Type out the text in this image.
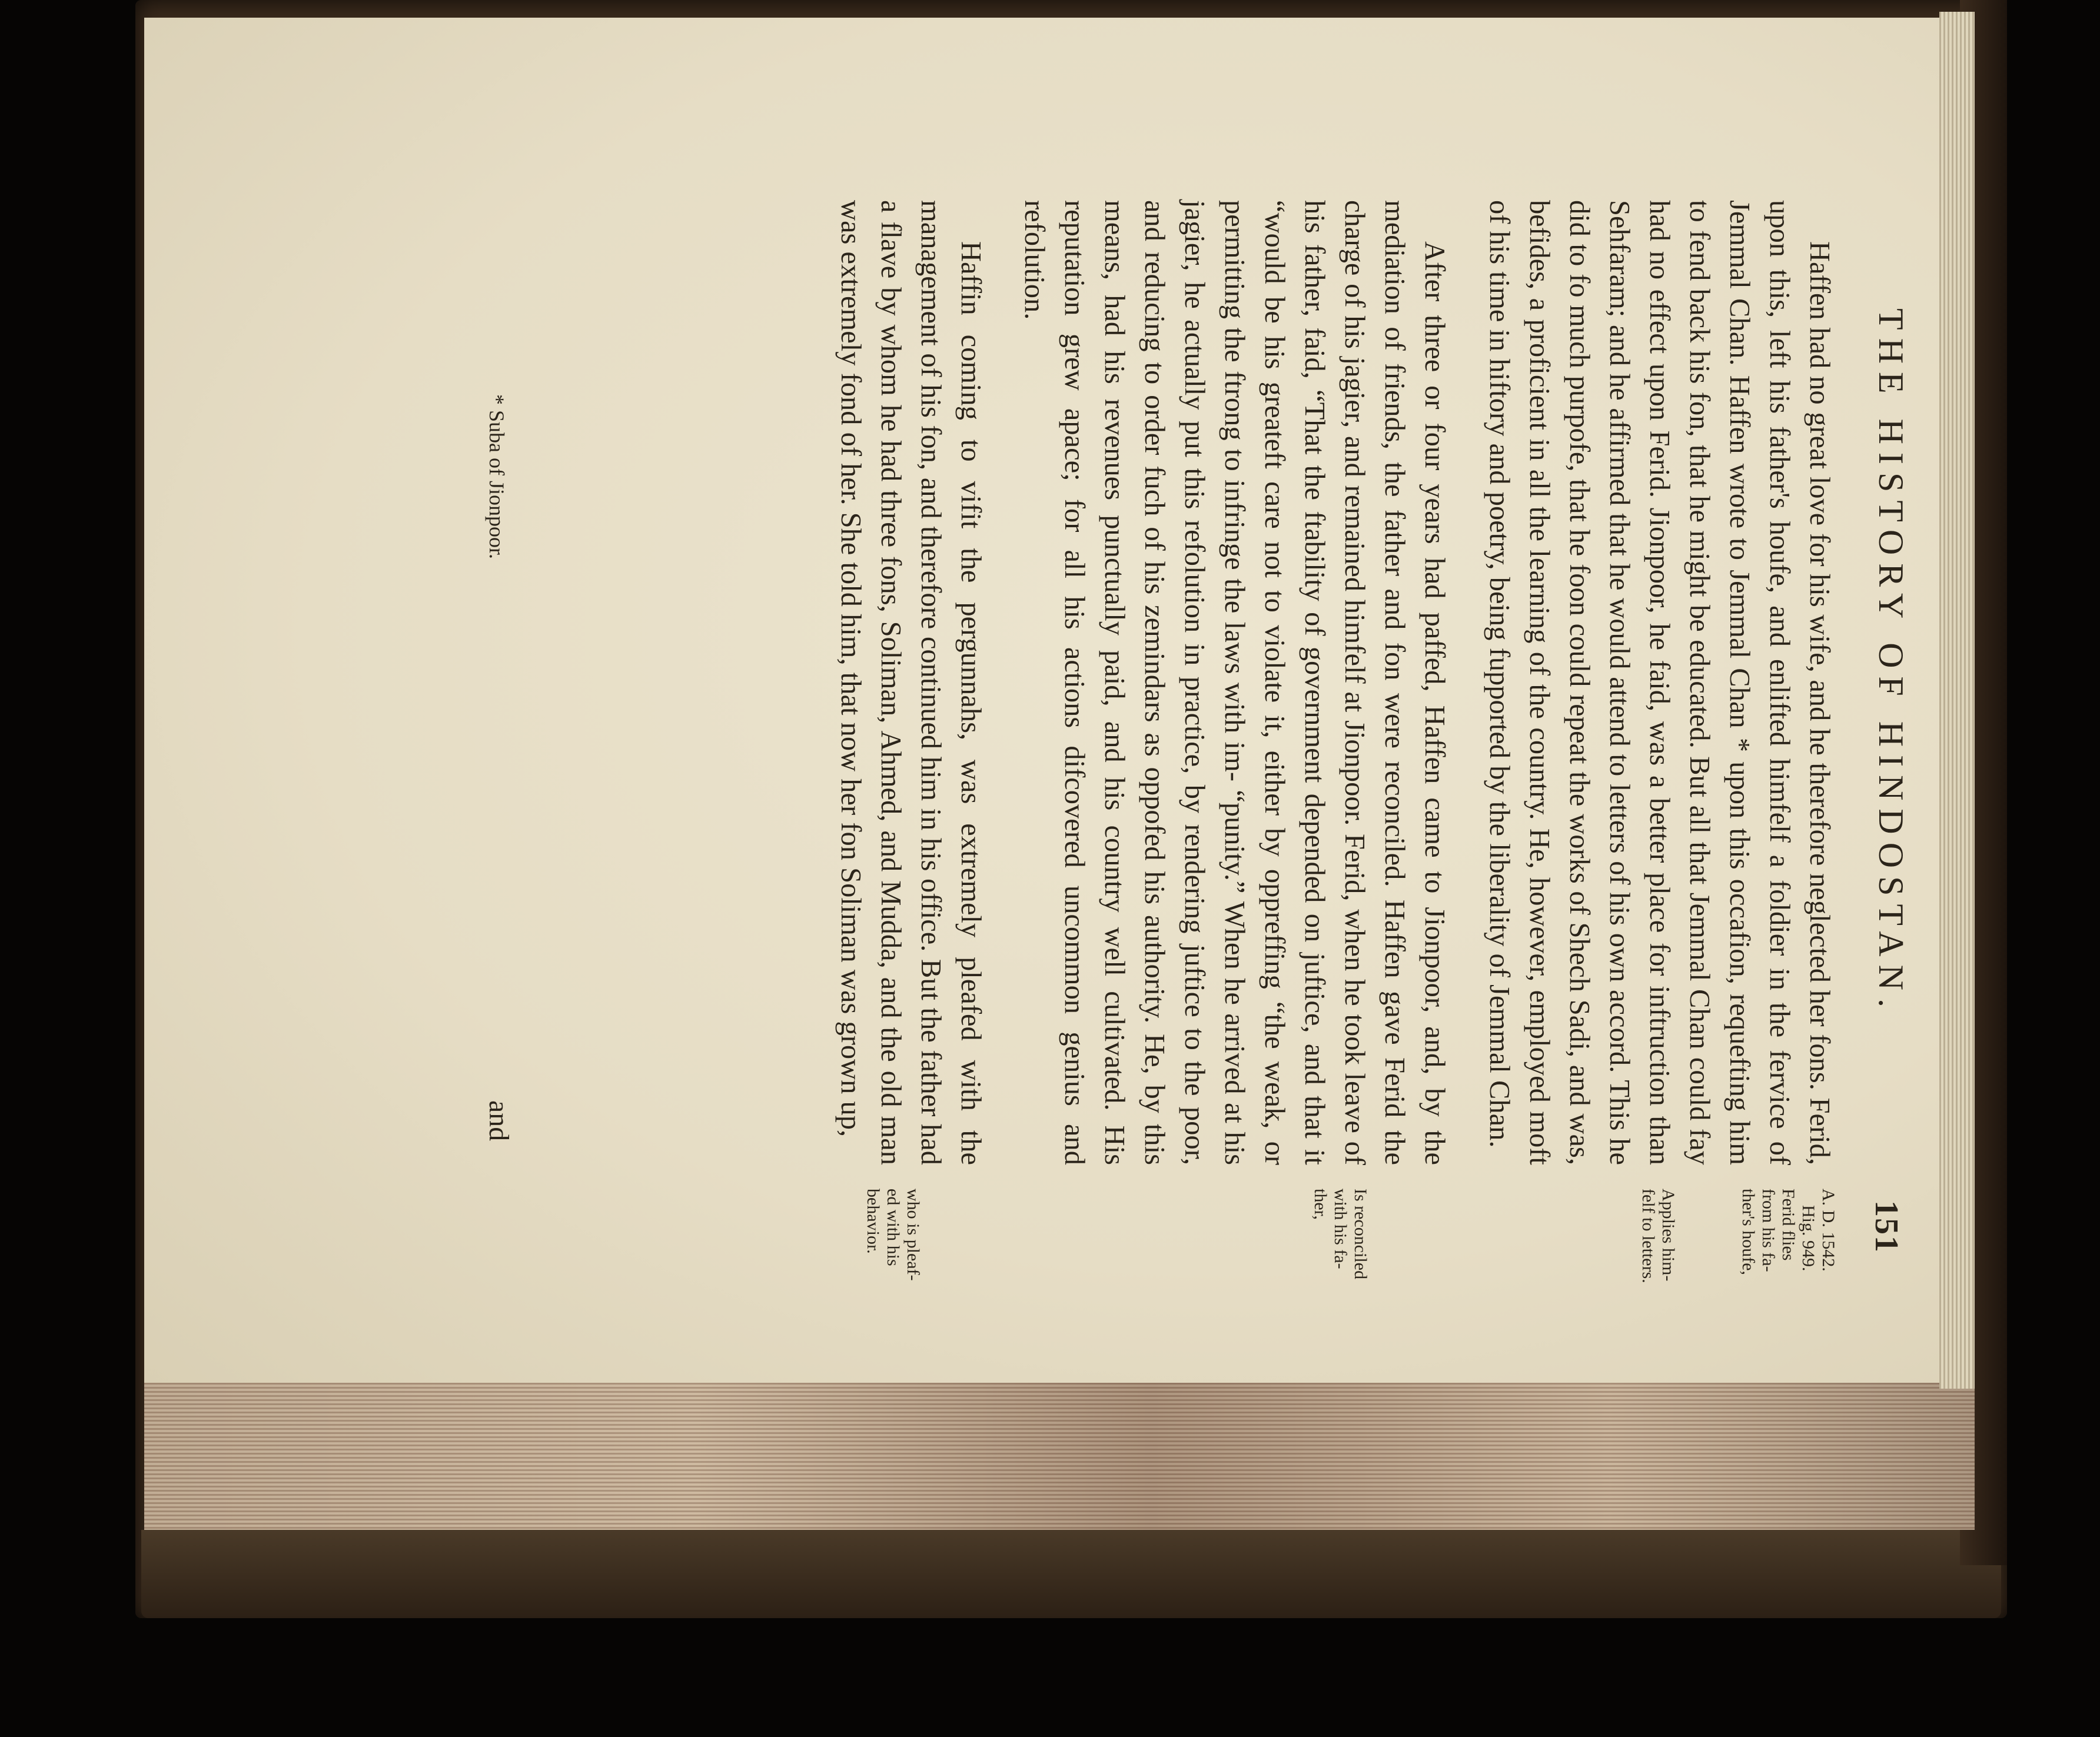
151
THE HISTORY OF HINDOSTAN.

Haffen had no great love for his wife, and he therefore neglected her fons. Ferid, upon this, left his father's houfe, and enlifted himfelf a foldier in the fervice of Jemmal Chan. Haffen wrote to Jemmal Chan * upon this occafion, requefting him to fend back his fon, that he might be educated. But all that Jemmal Chan could fay had no effect upon Ferid. Jionpoor, he faid, was a better place for inftruction than Sehfaram; and he affirmed that he would attend to letters of his own accord. This he did to fo much purpofe, that he foon could repeat the works of Shech Sadi, and was, befides, a proficient in all the learning of the country. He, however, employed moft of his time in hiftory and poetry, being fupported by the liberality of Jemmal Chan.

After three or four years had paffed, Haffen came to Jionpoor, and, by the mediation of friends, the father and fon were reconciled. Haffen gave Ferid the charge of his jagier, and remained himfelf at Jionpoor. Ferid, when he took leave of his father, faid, “That the ftability of government depended on juftice, and that it “would be his greateft care not to violate it, either by oppreffing “the weak, or permitting the ftrong to infringe the laws with im- “punity.” When he arrived at his jagier, he actually put this refolution in practice, by rendering juftice to the poor, and reducing to order fuch of his zemindars as oppofed his authority. He, by this means, had his revenues punctually paid, and his country well cultivated. His reputation grew apace; for all his actions difcovered uncommon genius and refolution.

Haffin coming to vifit the pergunnahs, was extremely pleafed with the management of his fon, and therefore continued him in his office. But the father had a flave by whom he had three fons, Soliman, Ahmed, and Mudda, and the old man was extremely fond of her. She told him, that now her fon Soliman was grown up,

A. D. 1542.
Hig. 949.
Ferid flies
from his fa-
ther's houfe,
Applies him-
felf to letters.
Is reconciled
with his fa-
ther,
who is pleaf-
ed with his
behavior.
* Suba of Jionpoor.
and
